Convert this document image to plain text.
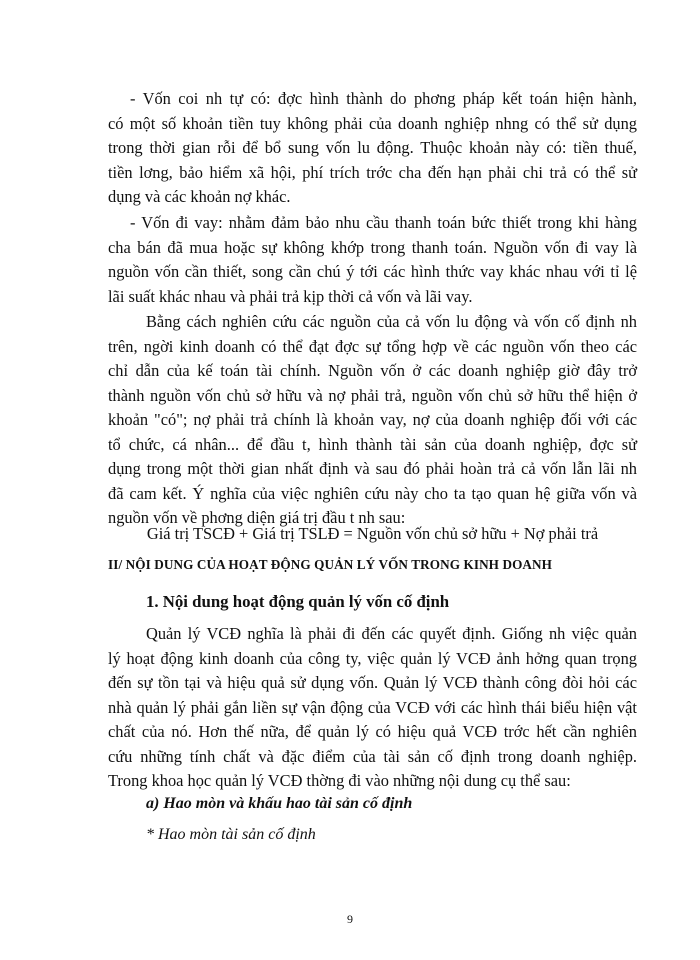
- Vốn coi nh tự có: đợc hình thành do phơng pháp kết toán hiện hành,
có một số khoản tiền tuy không phải của doanh nghiệp nhng có thể sử dụng
trong thời gian rỗi để bổ sung vốn lu động. Thuộc khoản này có: tiền thuế,
tiền lơng, bảo hiểm xã hội, phí trích trớc cha đến hạn phải chi trả có thể sử
dụng và các khoản nợ khác.

- Vốn đi vay: nhằm đảm bảo nhu cầu thanh toán bức thiết trong khi hàng
cha bán đã mua hoặc sự không khớp trong thanh toán. Nguồn vốn đi vay là
nguồn vốn cần thiết, song cần chú ý tới các hình thức vay khác nhau với tỉ lệ
lãi suất khác nhau và phải trả kịp thời cả vốn và lãi vay.

Bằng cách nghiên cứu các nguồn của cả vốn lu động và vốn cố định nh
trên, ngời kinh doanh có thể đạt đợc sự tổng hợp về các nguồn vốn theo các
chỉ dẫn của kế toán tài chính. Nguồn vốn ở các doanh nghiệp giờ đây trở
thành nguồn vốn chủ sở hữu và nợ phải trả, nguồn vốn chủ sở hữu thể hiện ở
khoản "có"; nợ phải trả chính là khoản vay, nợ của doanh nghiệp đối với các
tổ chức, cá nhân... để đầu t, hình thành tài sản của doanh nghiệp, đợc sử
dụng trong một thời gian nhất định và sau đó phải hoàn trả cả vốn lẫn lãi nh
đã cam kết. Ý nghĩa của việc nghiên cứu này cho ta tạo quan hệ giữa vốn và
nguồn vốn về phơng diện giá trị đầu t nh sau:

Giá trị TSCĐ + Giá trị TSLĐ = Nguồn vốn chủ sở hữu + Nợ phải trả
II/ NỘI DUNG CỦA HOẠT ĐỘNG QUẢN LÝ VỐN TRONG KINH DOANH
1. Nội dung hoạt động quản lý vốn cố định

Quản lý VCĐ nghĩa là phải đi đến các quyết định. Giống nh việc quản
lý hoạt động kinh doanh của công ty, việc quản lý VCĐ ảnh hởng quan trọng
đến sự tồn tại và hiệu quả sử dụng vốn. Quản lý VCĐ thành công đòi hỏi các
nhà quản lý phải gắn liền sự vận động của VCĐ với các hình thái biểu hiện vật
chất của nó. Hơn thế nữa, để quản lý có hiệu quả VCĐ trớc hết cần nghiên
cứu những tính chất và đặc điểm của tài sản cố định trong doanh nghiệp.
Trong khoa học quản lý VCĐ thờng đi vào những nội dung cụ thể sau:

a) Hao mòn và khấu hao tài sản cố định
* Hao mòn tài sản cố định
9
